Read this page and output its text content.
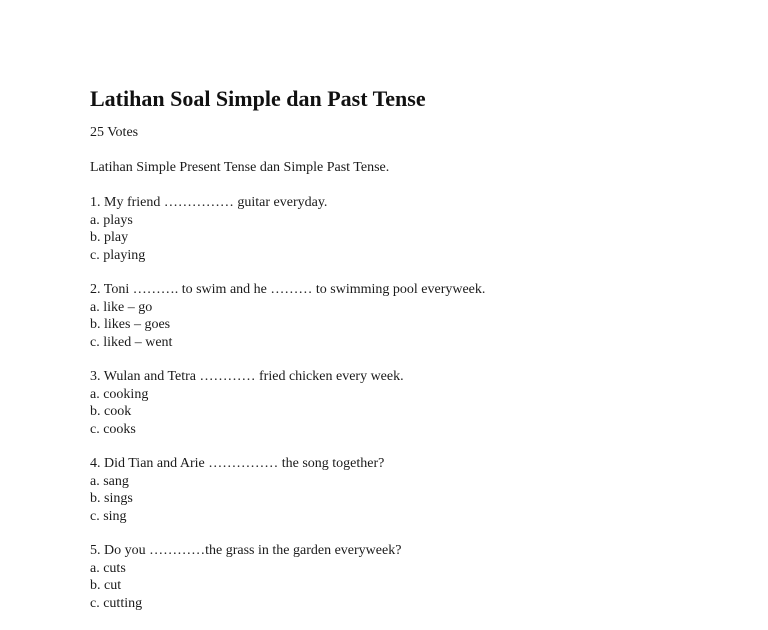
Latihan Soal Simple dan Past Tense
25 Votes
Latihan Simple Present Tense dan Simple Past Tense.
1. My friend …………… guitar everyday.
a. plays
b. play
c. playing
2. Toni ………. to swim and he ……… to swimming pool everyweek.
a. like – go
b. likes – goes
c. liked – went
3. Wulan and Tetra ………… fried chicken every week.
a. cooking
b. cook
c. cooks
4. Did Tian and Arie …………… the song together?
a. sang
b. sings
c. sing
5. Do you …………the grass in the garden everyweek?
a. cuts
b. cut
c. cutting
